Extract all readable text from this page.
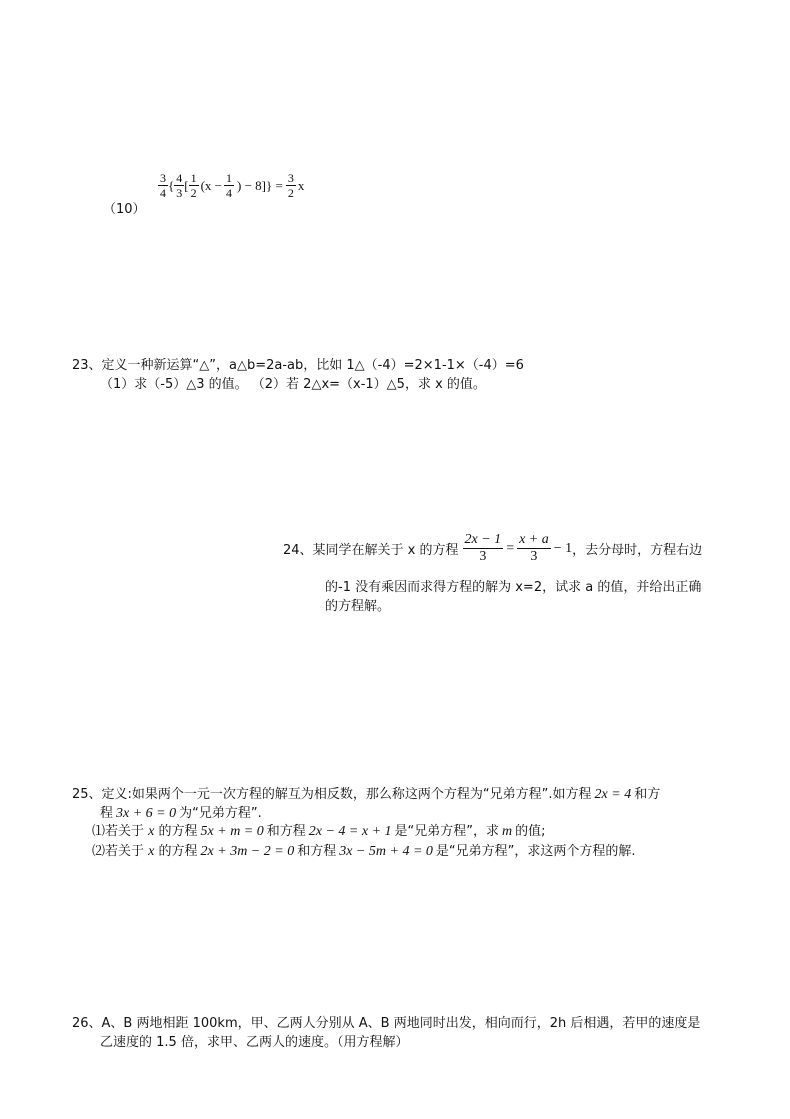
（10）
$\frac{3}{4}$ { $\frac{4}{3}$ [ $\frac{1}{2} (x - \frac{1}{4}$ ) − $8]\} = \frac{3}{2}$ x
23、定义一种新运算“△”，a△b=2a-ab，比如 1△（-4）=2×1-1×（-4）=6
（1）求（-5）△3 的值。 （2）若 2△x=（x-1）△5，求 x 的值。
24、某同学在解关于 x 的方程 $\frac{2x - 1}{3} = \frac{x + a}{3} - 1$ ，去分母时，方程右边
的-1 没有乘因而求得方程的解为 x=2，试求 a 的值，并给出正确
的方程解。
25、定义:如果两个一元一次方程的解互为相反数，那么称这两个方程为“兄弟方程”.如方程 2x = 4 和方
程 3x + 6 = 0 为“兄弟方程”.
⑴若关于 x 的方程 5x + m = 0 和方程 2x − 4 = x + 1 是“兄弟方程”，求 m 的值;
⑵若关于 x 的方程 2x + 3m − 2 = 0 和方程 3x − 5m + 4 = 0 是“兄弟方程”，求这两个方程的解.
26、A、B 两地相距 100km，甲、乙两人分别从 A、B 两地同时出发，相向而行，2h 后相遇，若甲的速度是
乙速度的 1.5 倍，求甲、乙两人的速度。（用方程解）
